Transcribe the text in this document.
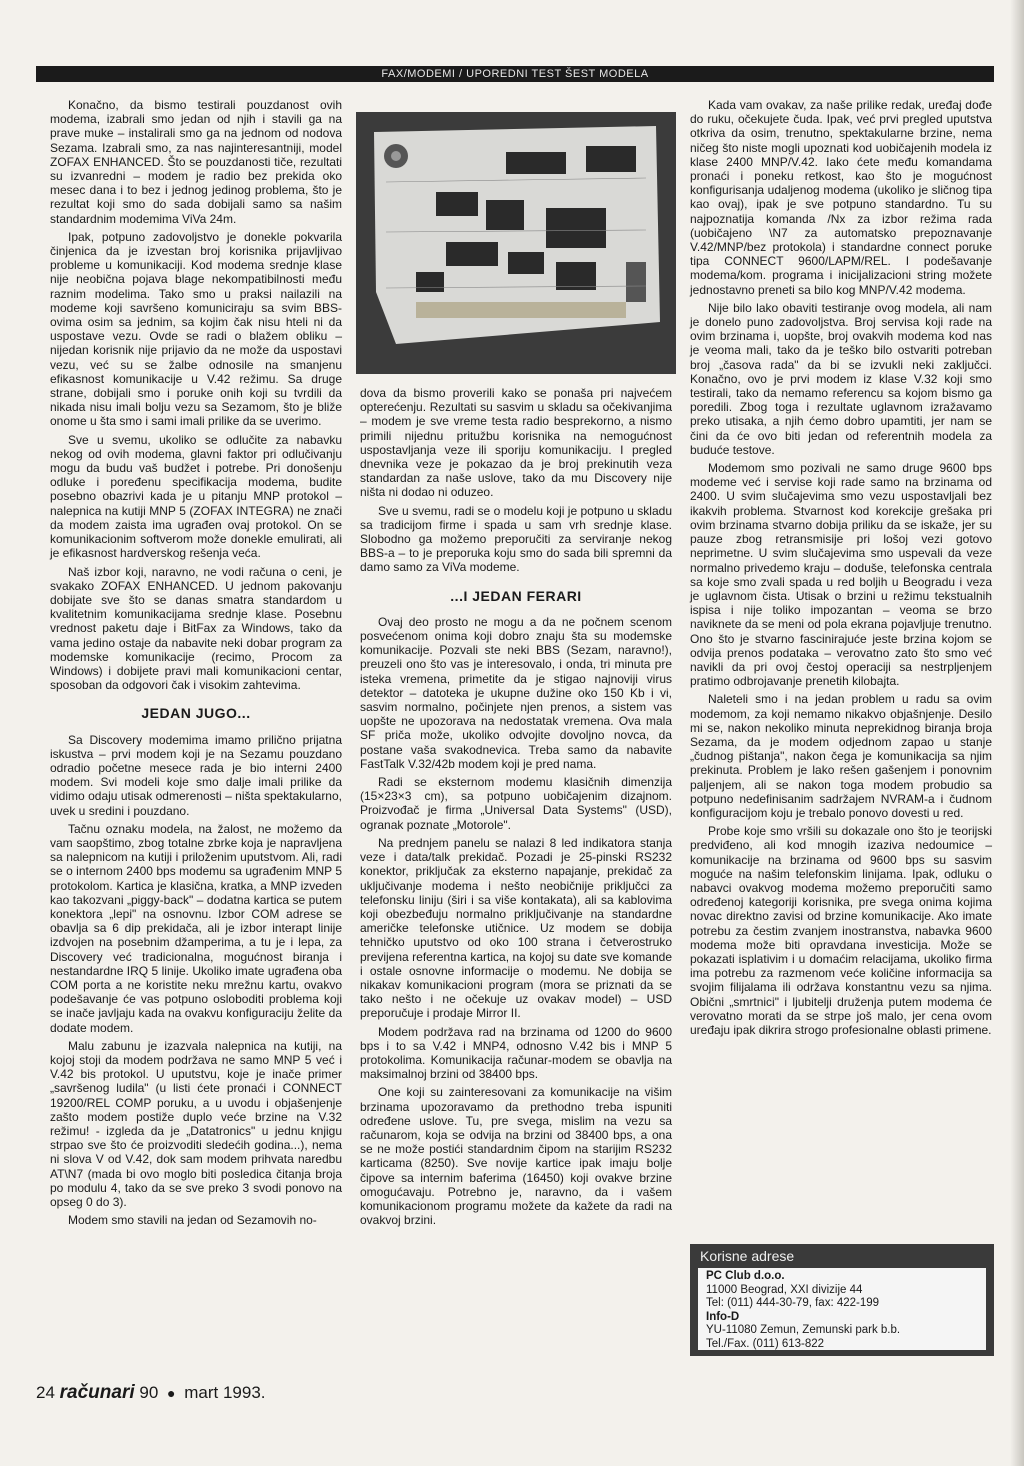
FAX/MODEMI / UPOREDNI TEST ŠEST MODELA

Konačno, da bismo testirali pouzdanost ovih modema, izabrali smo jedan od njih i stavili ga na prave muke – instalirali smo ga na jednom od nodova Sezama. Izabrali smo, za nas najinteresantniji, model ZOFAX ENHANCED. Što se pouzdanosti tiče, rezultati su izvanredni – modem je radio bez prekida oko mesec dana i to bez i jednog jedinog problema, što je rezultat koji smo do sada dobijali samo sa našim standardnim modemima ViVa 24m.

Ipak, potpuno zadovoljstvo je donekle pokvarila činjenica da je izvestan broj korisnika prijavljivao probleme u komunikaciji. Kod modema srednje klase nije neobična pojava blage nekompatibilnosti među raznim modelima. Tako smo u praksi nailazili na modeme koji savršeno komuniciraju sa svim BBS-ovima osim sa jednim, sa kojim čak nisu hteli ni da uspostave vezu. Ovde se radi o blažem obliku – nijedan korisnik nije prijavio da ne može da uspostavi vezu, već su se žalbe odnosile na smanjenu efikasnost komunikacije u V.42 režimu. Sa druge strane, dobijali smo i poruke onih koji su tvrdili da nikada nisu imali bolju vezu sa Sezamom, što je bliže onome u šta smo i sami imali prilike da se uverimo.

Sve u svemu, ukoliko se odlučite za nabavku nekog od ovih modema, glavni faktor pri odlučivanju mogu da budu vaš budžet i potrebe. Pri donošenju odluke i poređenu specifikacija modema, budite posebno obazrivi kada je u pitanju MNP protokol – nalepnica na kutiji MNP 5 (ZOFAX INTEGRA) ne znači da modem zaista ima ugrađen ovaj protokol. On se komunikacionim softverom može donekle emulirati, ali je efikasnost hardverskog rešenja veća.

Naš izbor koji, naravno, ne vodi računa o ceni, je svakako ZOFAX ENHANCED. U jednom pakovanju dobijate sve što se danas smatra standardom u kvalitetnim komunikacijama srednje klase. Posebnu vrednost paketu daje i BitFax za Windows, tako da vama jedino ostaje da nabavite neki dobar program za modemske komunikacije (recimo, Procom za Windows) i dobijete pravi mali komunikacioni centar, sposoban da odgovori čak i visokim zahtevima.

JEDAN JUGO...

Sa Discovery modemima imamo prilično prijatna iskustva – prvi modem koji je na Sezamu pouzdano odradio početne mesece rada je bio interni 2400 modem. Svi modeli koje smo dalje imali prilike da vidimo odaju utisak odmerenosti – ništa spektakularno, uvek u sredini i pouzdano.

Tačnu oznaku modela, na žalost, ne možemo da vam saopštimo, zbog totalne zbrke koja je napravljena sa nalepnicom na kutiji i priloženim uputstvom. Ali, radi se o internom 2400 bps modemu sa ugrađenim MNP 5 protokolom. Kartica je klasična, kratka, a MNP izveden kao takozvani „piggy-back" – dodatna kartica se putem konektora „lepi" na osnovnu. Izbor COM adrese se obavlja sa 6 dip prekidača, ali je izbor interapt linije izdvojen na posebnim džamperima, a tu je i lepa, za Discovery već tradicionalna, mogućnost biranja i nestandardne IRQ 5 linije. Ukoliko imate ugrađena oba COM porta a ne koristite neku mrežnu kartu, ovakvo podešavanje će vas potpuno osloboditi problema koji se inače javljaju kada na ovakvu konfiguraciju želite da dodate modem.

Malu zabunu je izazvala nalepnica na kutiji, na kojoj stoji da modem podržava ne samo MNP 5 već i V.42 bis protokol. U uputstvu, koje je inače primer „savršenog ludila" (u listi ćete pronaći i CONNECT 19200/REL COMP poruku, a u uvodu i objašenjenje zašto modem postiže duplo veće brzine na V.32 režimu! - izgleda da je „Datatronics" u jednu knjigu strpao sve što će proizvoditi sledećih godina...), nema ni slova V od V.42, dok sam modem prihvata naredbu AT\N7 (mada bi ovo moglo biti posledica čitanja broja po modulu 4, tako da se sve preko 3 svodi ponovo na opseg 0 do 3).

Modem smo stavili na jedan od Sezamovih no-

dova da bismo proverili kako se ponaša pri najvećem opterećenju. Rezultati su sasvim u skladu sa očekivanjima – modem je sve vreme testa radio besprekorno, a nismo primili nijednu pritužbu korisnika na nemogućnost uspostavljanja veze ili sporiju komunikaciju. I pregled dnevnika veze je pokazao da je broj prekinutih veza standardan za naše uslove, tako da mu Discovery nije ništa ni dodao ni oduzeo.

Sve u svemu, radi se o modelu koji je potpuno u skladu sa tradicijom firme i spada u sam vrh srednje klase. Slobodno ga možemo preporučiti za serviranje nekog BBS-a – to je preporuka koju smo do sada bili spremni da damo samo za ViVa modeme.

...I JEDAN FERARI

Ovaj deo prosto ne mogu a da ne počnem scenom posvećenom onima koji dobro znaju šta su modemske komunikacije. Pozvali ste neki BBS (Sezam, naravno!), preuzeli ono što vas je interesovalo, i onda, tri minuta pre isteka vremena, primetite da je stigao najnoviji virus detektor – datoteka je ukupne dužine oko 150 Kb i vi, sasvim normalno, počinjete njen prenos, a sistem vas uopšte ne upozorava na nedostatak vremena. Ova mala SF priča može, ukoliko odvojite dovoljno novca, da postane vaša svakodnevica. Treba samo da nabavite FastTalk V.32/42b modem koji je pred nama.

Radi se eksternom modemu klasičnih dimenzija (15×23×3 cm), sa potpuno uobičajenim dizajnom. Proizvođač je firma „Universal Data Systems" (USD), ogranak poznate „Motorole".

Na prednjem panelu se nalazi 8 led indikatora stanja veze i data/talk prekidač. Pozadi je 25-pinski RS232 konektor, priključak za eksterno napajanje, prekidač za uključivanje modema i nešto neobičnije priključci za telefonsku liniju (širi i sa više kontakata), ali sa kablovima koji obezbeđuju normalno priključivanje na standardne američke telefonske utičnice. Uz modem se dobija tehničko uputstvo od oko 100 strana i četverostruko previjena referentna kartica, na kojoj su date sve komande i ostale osnovne informacije o modemu. Ne dobija se nikakav komunikacioni program (mora se priznati da se tako nešto i ne očekuje uz ovakav model) – USD preporučuje i prodaje Mirror II.

Modem podržava rad na brzinama od 1200 do 9600 bps i to sa V.42 i MNP4, odnosno V.42 bis i MNP 5 protokolima. Komunikacija računar-modem se obavlja na maksimalnoj brzini od 38400 bps.

One koji su zainteresovani za komunikacije na višim brzinama upozoravamo da prethodno treba ispuniti određene uslove. Tu, pre svega, mislim na vezu sa računarom, koja se odvija na brzini od 38400 bps, a ona se ne može postići standardnim čipom na starijim RS232 karticama (8250). Sve novije kartice ipak imaju bolje čipove sa internim baferima (16450) koji ovakve brzine omogućavaju. Potrebno je, naravno, da i vašem komunikacionom programu možete da kažete da radi na ovakvoj brzini.

Kada vam ovakav, za naše prilike redak, uređaj dođe do ruku, očekujete čuda. Ipak, već prvi pregled uputstva otkriva da osim, trenutno, spektakularne brzine, nema ničeg što niste mogli upoznati kod uobičajenih modela iz klase 2400 MNP/V.42. Iako ćete među komandama pronaći i poneku retkost, kao što je mogućnost konfigurisanja udaljenog modema (ukoliko je sličnog tipa kao ovaj), ipak je sve potpuno standardno. Tu su najpoznatija komanda /Nx za izbor režima rada (uobičajeno \N7 za automatsko prepoznavanje V.42/MNP/bez protokola) i standardne connect poruke tipa CONNECT 9600/LAPM/REL. I podešavanje modema/kom. programa i inicijalizacioni string možete jednostavno preneti sa bilo kog MNP/V.42 modema.

Nije bilo lako obaviti testiranje ovog modela, ali nam je donelo puno zadovoljstva. Broj servisa koji rade na ovim brzinama i, uopšte, broj ovakvih modema kod nas je veoma mali, tako da je teško bilo ostvariti potreban broj „časova rada" da bi se izvukli neki zaključci. Konačno, ovo je prvi modem iz klase V.32 koji smo testirali, tako da nemamo referencu sa kojom bismo ga poredili. Zbog toga i rezultate uglavnom izražavamo preko utisaka, a njih ćemo dobro upamtiti, jer nam se čini da će ovo biti jedan od referentnih modela za buduće testove.

Modemom smo pozivali ne samo druge 9600 bps modeme već i servise koji rade samo na brzinama od 2400. U svim slučajevima smo vezu uspostavljali bez ikakvih problema. Stvarnost kod korekcije grešaka pri ovim brzinama stvarno dobija priliku da se iskaže, jer su pauze zbog retransmisije pri lošoj vezi gotovo neprimetne. U svim slučajevima smo uspevali da veze normalno privedemo kraju – doduše, telefonska centrala sa koje smo zvali spada u red boljih u Beogradu i veza je uglavnom čista. Utisak o brzini u režimu tekstualnih ispisa i nije toliko impozantan – veoma se brzo naviknete da se meni od pola ekrana pojavljuje trenutno. Ono što je stvarno fascinirajuće jeste brzina kojom se odvija prenos podataka – verovatno zato što smo već navikli da pri ovoj čestoj operaciji sa nestrpljenjem pratimo odbrojavanje prenetih kilobajta.

Naleteli smo i na jedan problem u radu sa ovim modemom, za koji nemamo nikakvo objašnjenje. Desilo mi se, nakon nekoliko minuta neprekidnog biranja broja Sezama, da je modem odjednom zapao u stanje „čudnog pištanja", nakon čega je komunikacija sa njim prekinuta. Problem je lako rešen gašenjem i ponovnim paljenjem, ali se nakon toga modem probudio sa potpuno nedefinisanim sadržajem NVRAM-a i čudnom konfiguracijom koju je trebalo ponovo dovesti u red.

Probe koje smo vršili su dokazale ono što je teorijski predviđeno, ali kod mnogih izaziva nedoumice – komunikacije na brzinama od 9600 bps su sasvim moguće na našim telefonskim linijama. Ipak, odluku o nabavci ovakvog modema možemo preporučiti samo određenoj kategoriji korisnika, pre svega onima kojima novac direktno zavisi od brzine komunikacije. Ako imate potrebu za čestim zvanjem inostranstva, nabavka 9600 modema može biti opravdana investicija. Može se pokazati isplativim i u domaćim relacijama, ukoliko firma ima potrebu za razmenom veće količine informacija sa svojim filijalama ili održava konstantnu vezu sa njima. Obični „smrtnici" i ljubitelji druženja putem modema će verovatno morati da se strpe još malo, jer cena ovom uređaju ipak dikrira strogo profesionalne oblasti primene.

Korisne adrese
PC Club d.o.o.
11000 Beograd, XXI divizije 44
Tel: (011) 444-30-79, fax: 422-199
Info-D
YU-11080 Zemun, Zemunski park b.b.
Tel./Fax. (011) 613-822
24 računari 90 ● mart 1993.
